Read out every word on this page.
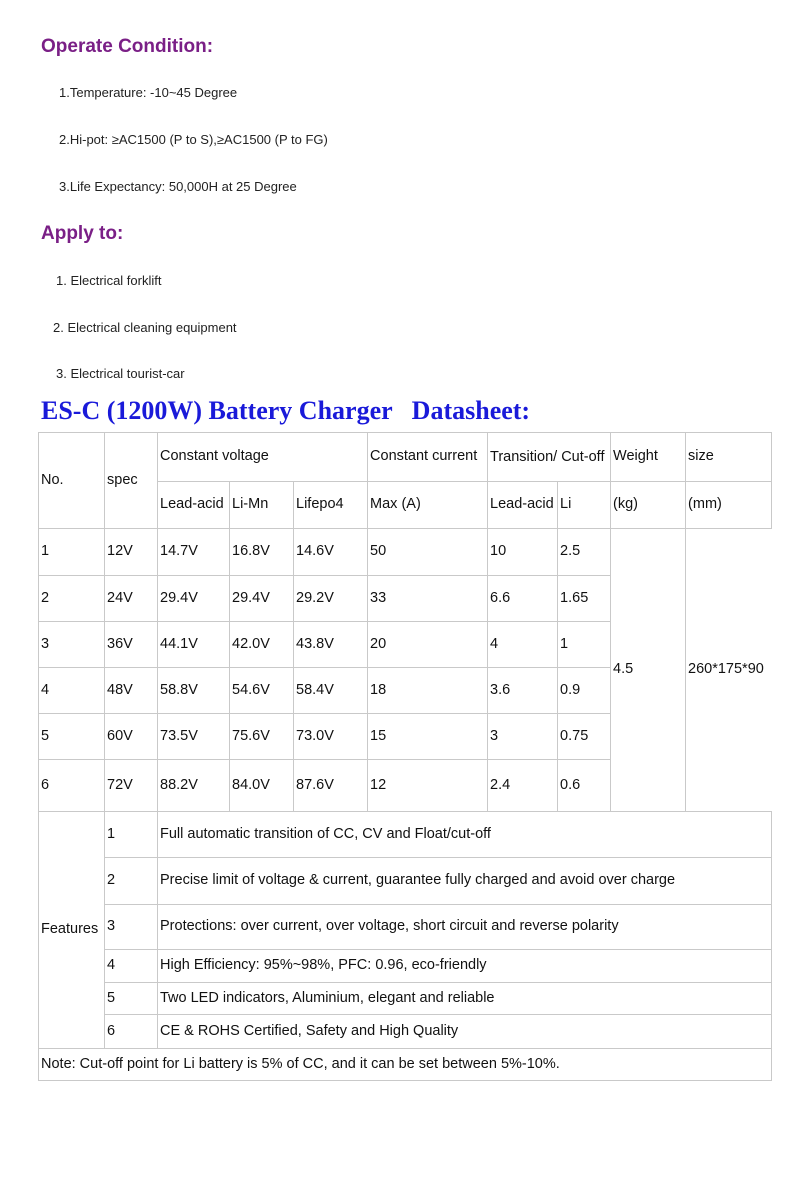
Operate Condition:
1.Temperature: -10~45 Degree
2.Hi-pot: ≥AC1500 (P to S),≥AC1500 (P to FG)
3.Life Expectancy: 50,000H at 25 Degree
Apply to:
1. Electrical forklift
2. Electrical cleaning equipment
3. Electrical tourist-car
ES-C (1200W) Battery Charger   Datasheet:
No.	spec	Constant voltage			Constant current	Transition/ Cut-off		Weight	size	
		Lead-acid	Li-Mn	Lifepo4	Max (A)	Lead-acid	Li	(kg)	(mm)	
1	12V	14.7V	16.8V	14.6V	50	10	2.5	4.5	260*175*90	
2	24V	29.4V	29.4V	29.2V	33	6.6	1.65			
3	36V	44.1V	42.0V	43.8V	20	4	1			
4	48V	58.8V	54.6V	58.4V	18	3.6	0.9			
5	60V	73.5V	75.6V	73.0V	15	3	0.75			
6	72V	88.2V	84.0V	87.6V	12	2.4	0.6			
Features	1	Full automatic transition of CC, CV and Float/cut-off								
	2	Precise limit of voltage & current, guarantee fully charged and avoid over charge								
	3	Protections: over current, over voltage, short circuit and reverse polarity								
	4	High Efficiency: 95%~98%, PFC: 0.96, eco-friendly								
	5	Two LED indicators, Aluminium, elegant and reliable								
	6	CE & ROHS Certified, Safety and High Quality								
Note: Cut-off point for Li battery is 5% of CC, and it can be set between 5%-10%.										
